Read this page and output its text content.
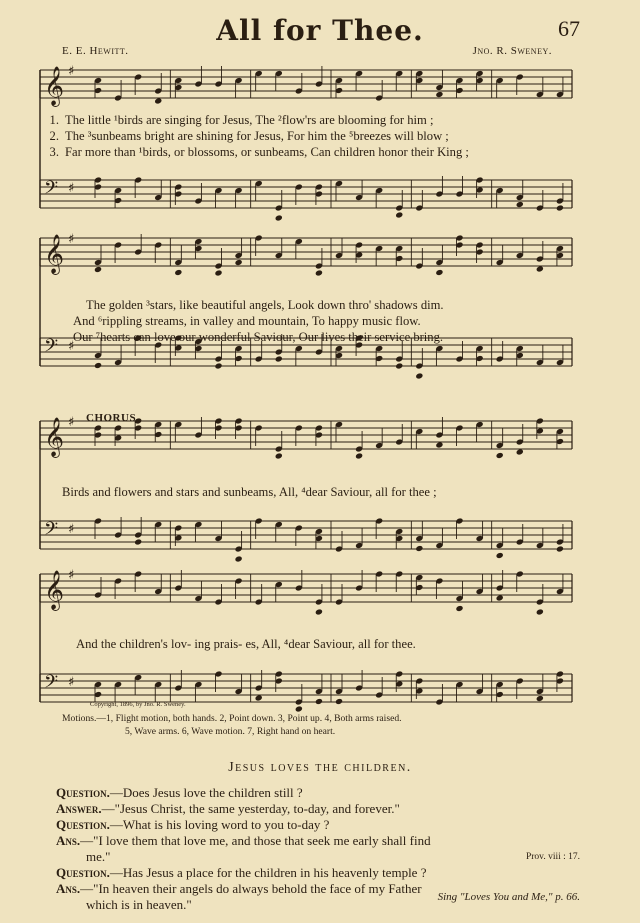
All for Thee.	67
E. E. Hewitt.	Jno. R. Sweney.
𝄞 ♯
𝄢 ♯
𝄞 ♯
𝄢 ♯
𝄞 ♯
𝄢 ♯
𝄞 ♯
𝄢 ♯
1. The little ¹birds are singing for Jesus, The ²flow'rs are blooming for him ;
2. The ³sunbeams bright are shining for Jesus, For him the ⁵breezes will blow ;
3. Far more than ¹birds, or blossoms, or sunbeams, Can children honor their King ;
The golden ³stars, like beautiful angels, Look down thro' shadows dim.
And ⁶rippling streams, in valley and mountain, To happy music flow.
Our ⁷hearts can love our wonderful Saviour, Our lives their service bring.
CHORUS.
Birds and flowers and stars and sunbeams, All, ⁴dear Saviour, all for thee ;
And the children's lov- ing prais- es, All, ⁴dear Saviour, all for thee.
Copyright, 1896, by Jno. R. Sweney.
Motions.—1, Flight motion, both hands. 2, Point down. 3, Point up. 4, Both arms raised.
5, Wave arms. 6, Wave motion. 7, Right hand on heart.
Jesus loves the children.
Question.—Does Jesus love the children still ?
Answer.—"Jesus Christ, the same yesterday, to-day, and forever."
Question.—What is his loving word to you to-day ?
Ans.—"I love them that love me, and those that seek me early shall find
me."	Prov. viii : 17.
Question.—Has Jesus a place for the children in his heavenly temple ?
Ans.—"In heaven their angels do always behold the face of my Father
which is in heaven."	Sing "Loves You and Me," p. 66.
